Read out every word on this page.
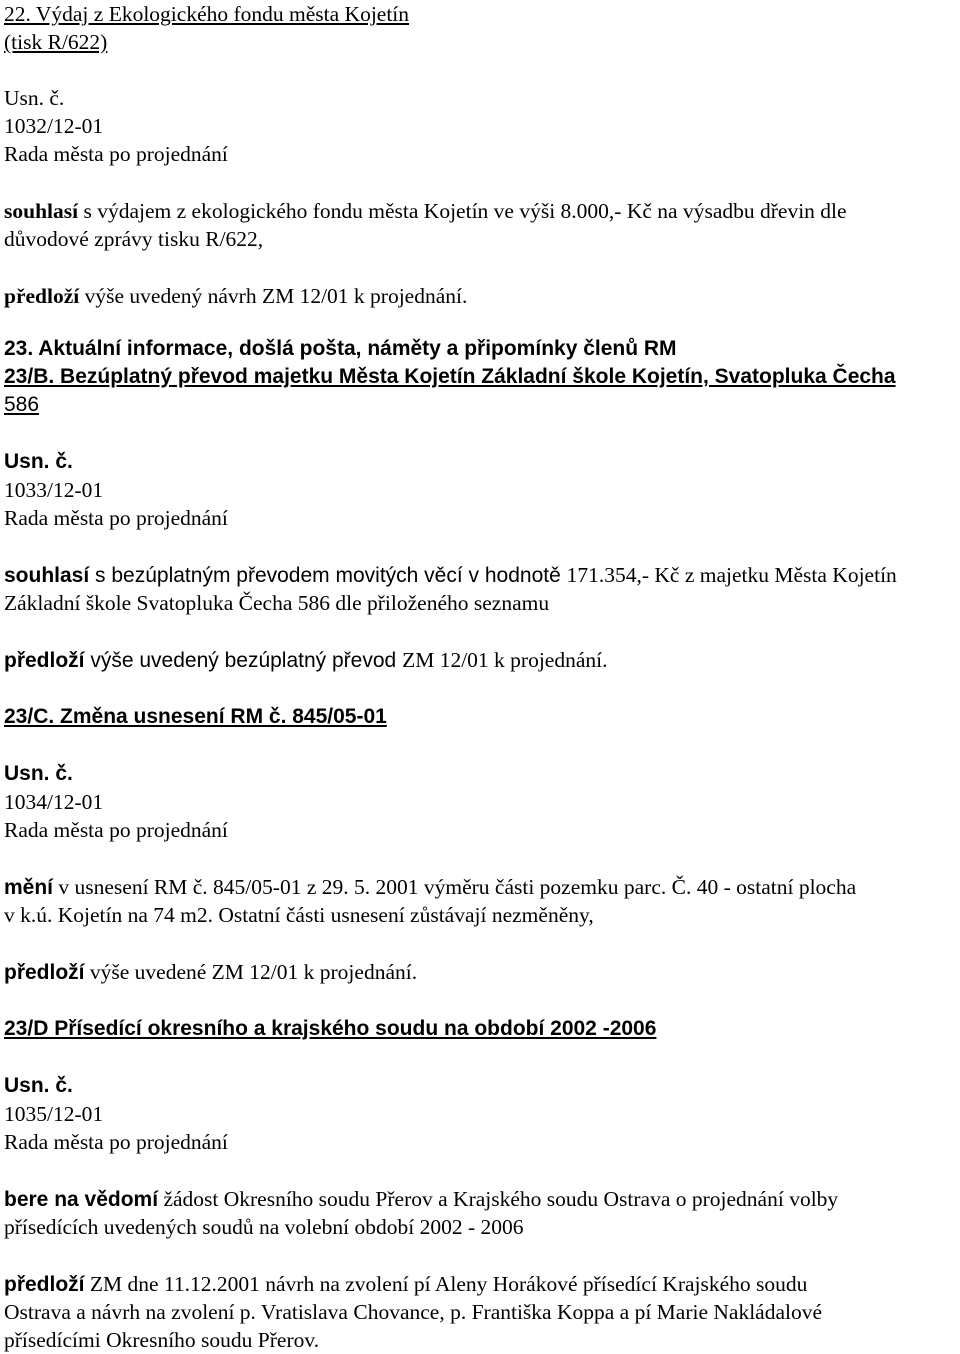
22. Výdaj z Ekologického fondu města Kojetín
(tisk R/622)
Usn. č.
1032/12-01
Rada města po projednání
souhlasí s výdajem z ekologického fondu města Kojetín ve výši 8.000,- Kč na výsadbu dřevin dle
důvodové zprávy tisku R/622,
předloží výše uvedený návrh ZM 12/01 k projednání.
23. Aktuální informace, došlá pošta, náměty a připomínky členů RM
23/B. Bezúplatný převod majetku Města Kojetín Základní škole Kojetín, Svatopluka Čecha
586
Usn. č.
1033/12-01
Rada města po projednání
souhlasí s bezúplatným převodem movitých věcí v hodnotě 171.354,- Kč z majetku Města Kojetín
Základní škole Svatopluka Čecha 586 dle přiloženého seznamu
předloží výše uvedený bezúplatný převod ZM 12/01 k projednání.
23/C. Změna usnesení RM č. 845/05-01
Usn. č.
1034/12-01
Rada města po projednání
mění v usnesení RM č. 845/05-01 z 29. 5. 2001 výměru části pozemku parc. Č. 40 - ostatní plocha
v k.ú. Kojetín na 74 m2. Ostatní části usnesení zůstávají nezměněny,
předloží výše uvedené ZM 12/01 k projednání.
23/D Přísedící okresního a krajského soudu na období 2002 -2006
Usn. č.
1035/12-01
Rada města po projednání
bere na vědomí žádost Okresního soudu Přerov a Krajského soudu Ostrava o projednání volby
přísedících uvedených soudů na volební období 2002 - 2006
předloží ZM dne 11.12.2001 návrh na zvolení pí Aleny Horákové přísedící Krajského soudu
Ostrava a návrh na zvolení p. Vratislava Chovance, p. Františka Koppa a pí Marie Nakládalové
přísedícími Okresního soudu Přerov.
